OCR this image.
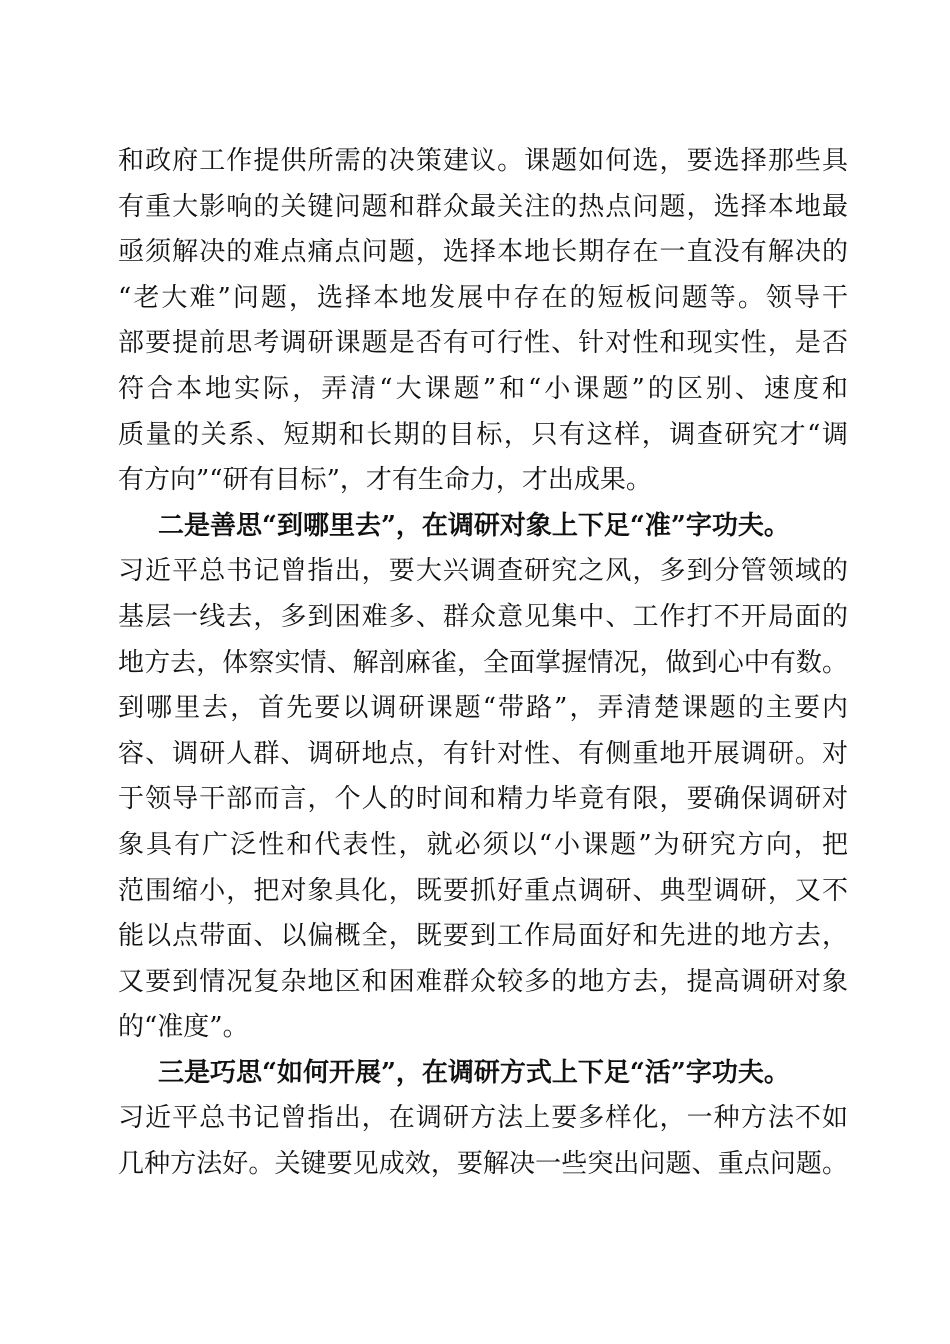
和政府工作提供所需的决策建议。课题如何选，要选择那些具
有重大影响的关键问题和群众最关注的热点问题，选择本地最
亟须解决的难点痛点问题，选择本地长期存在一直没有解决的
“老大难”问题，选择本地发展中存在的短板问题等。领导干
部要提前思考调研课题是否有可行性、针对性和现实性，是否
符合本地实际，弄清“大课题”和“小课题”的区别、速度和
质量的关系、短期和长期的目标，只有这样，调查研究才“调
有方向”“研有目标”，才有生命力，才出成果。
二是善思“到哪里去”，在调研对象上下足“准”字功夫。
习近平总书记曾指出，要大兴调查研究之风，多到分管领域的
基层一线去，多到困难多、群众意见集中、工作打不开局面的
地方去，体察实情、解剖麻雀，全面掌握情况，做到心中有数。
到哪里去，首先要以调研课题“带路”，弄清楚课题的主要内
容、调研人群、调研地点，有针对性、有侧重地开展调研。对
于领导干部而言，个人的时间和精力毕竟有限，要确保调研对
象具有广泛性和代表性，就必须以“小课题”为研究方向，把
范围缩小，把对象具化，既要抓好重点调研、典型调研，又不
能以点带面、以偏概全，既要到工作局面好和先进的地方去，
又要到情况复杂地区和困难群众较多的地方去，提高调研对象
的“准度”。
三是巧思“如何开展”，在调研方式上下足“活”字功夫。
习近平总书记曾指出，在调研方法上要多样化，一种方法不如
几种方法好。关键要见成效，要解决一些突出问题、重点问题。
